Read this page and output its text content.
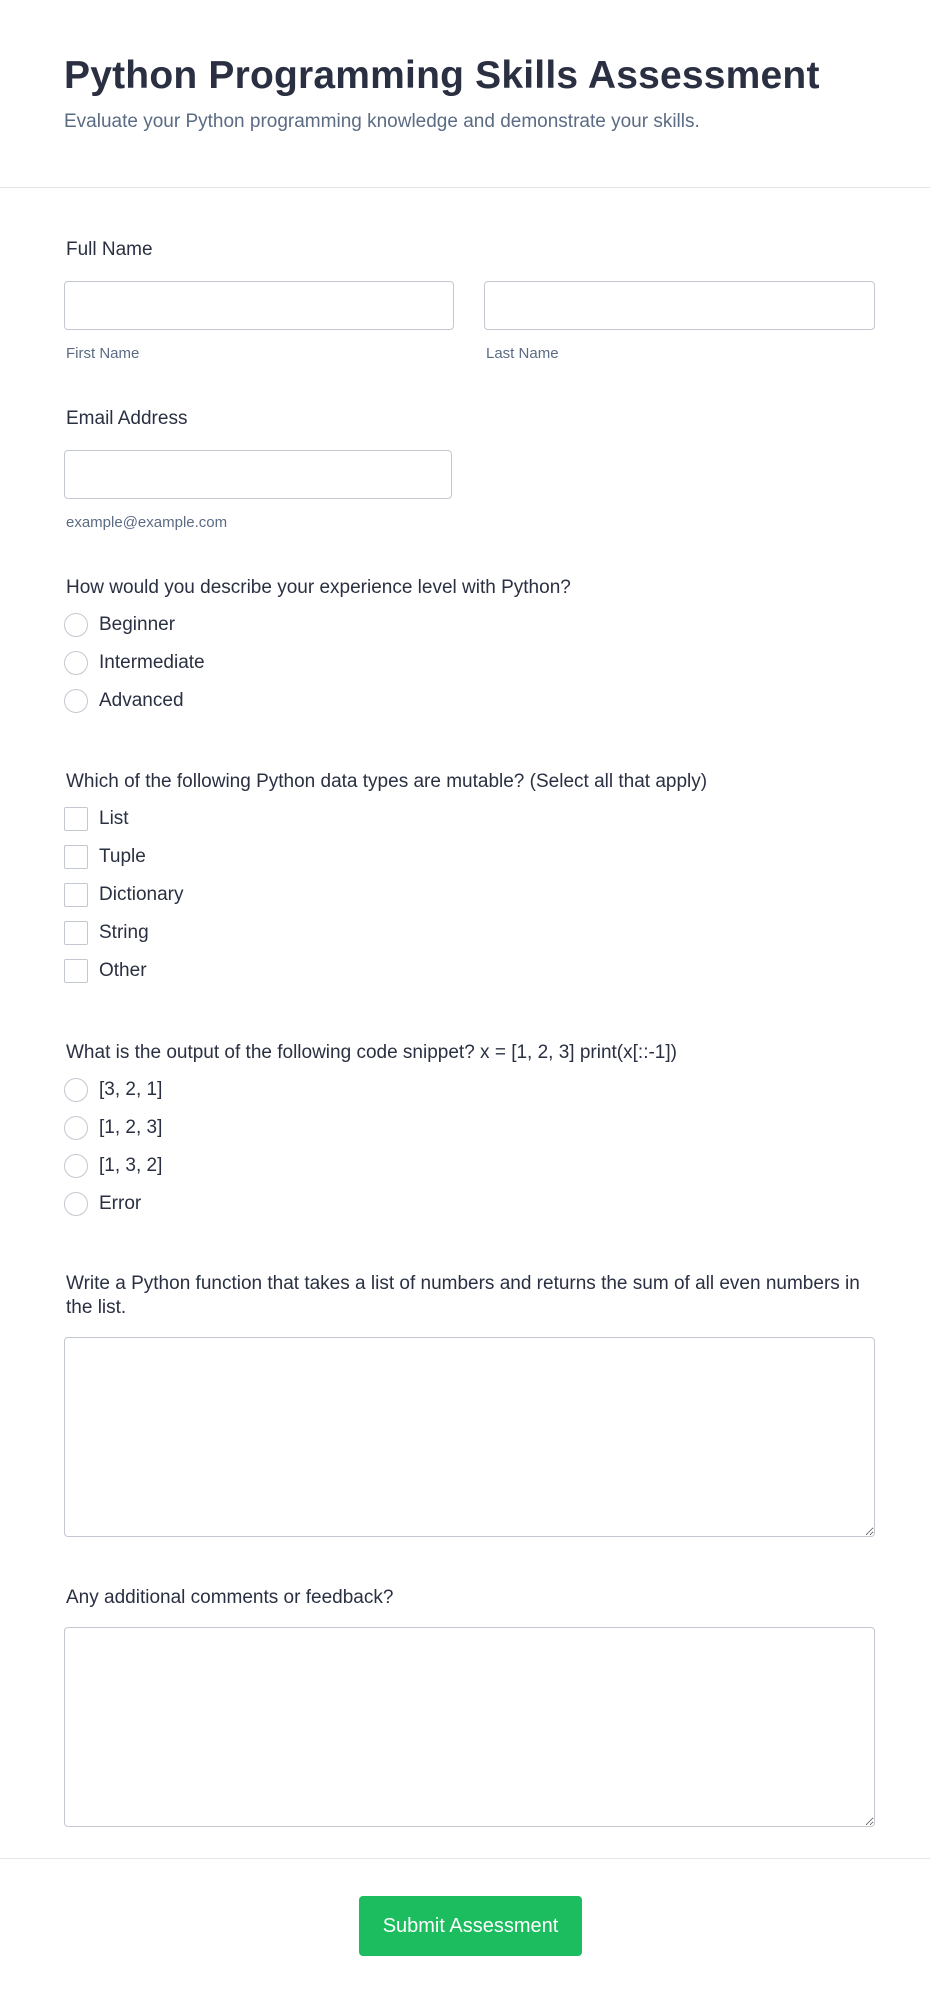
Python Programming Skills Assessment
Evaluate your Python programming knowledge and demonstrate your skills.
Full Name
First Name	Last Name
Email Address
example@example.com
How would you describe your experience level with Python?
Beginner
Intermediate
Advanced
Which of the following Python data types are mutable? (Select all that apply)
List
Tuple
Dictionary
String
Other
What is the output of the following code snippet? x = [1, 2, 3] print(x[::-1])
[3, 2, 1]
[1, 2, 3]
[1, 3, 2]
Error
Write a Python function that takes a list of numbers and returns the sum of all even numbers in the list.
Any additional comments or feedback?
Submit Assessment
